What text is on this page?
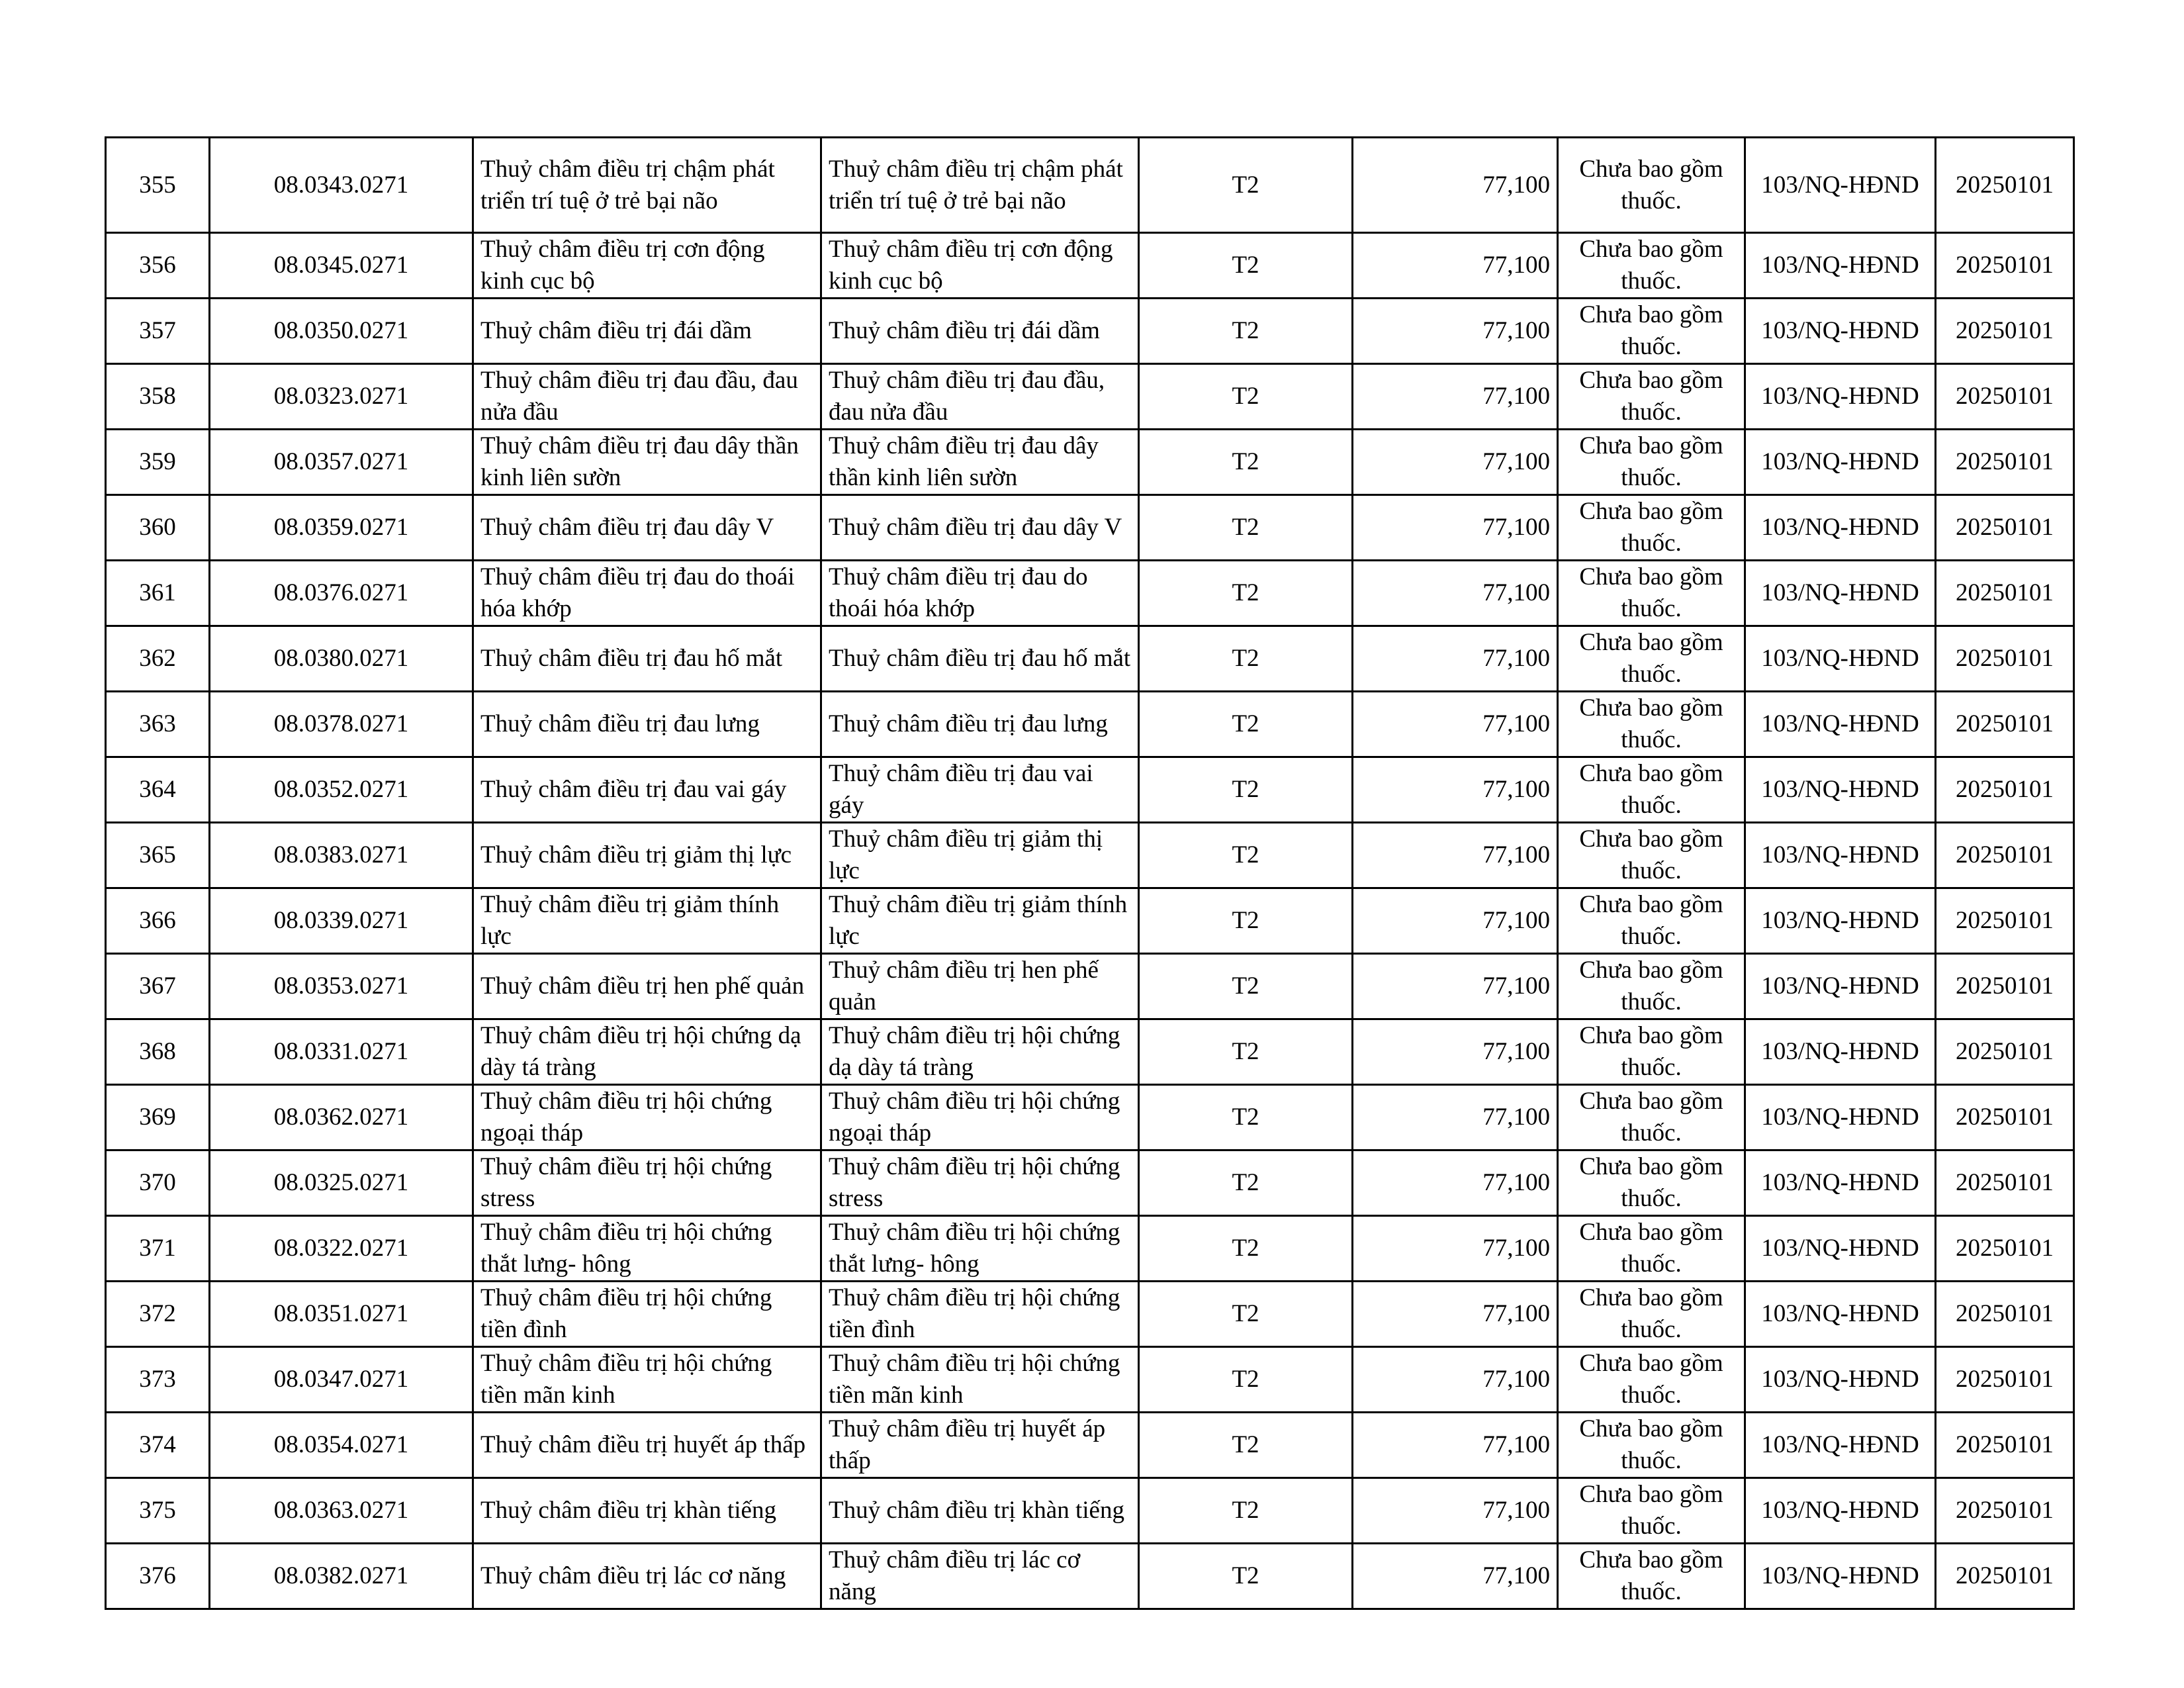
355	08.0343.0271	Thuỷ châm điều trị chậm phát triển trí tuệ ở trẻ bại não	Thuỷ châm điều trị chậm phát triển trí tuệ ở trẻ bại não	T2	77,100	Chưa bao gồm thuốc.	103/NQ-HĐND	20250101
356	08.0345.0271	Thuỷ châm điều trị cơn động kinh cục bộ	Thuỷ châm điều trị cơn động kinh cục bộ	T2	77,100	Chưa bao gồm thuốc.	103/NQ-HĐND	20250101
357	08.0350.0271	Thuỷ châm điều trị đái dầm	Thuỷ châm điều trị đái dầm	T2	77,100	Chưa bao gồm thuốc.	103/NQ-HĐND	20250101
358	08.0323.0271	Thuỷ châm điều trị đau đầu, đau nửa đầu	Thuỷ châm điều trị đau đầu, đau nửa đầu	T2	77,100	Chưa bao gồm thuốc.	103/NQ-HĐND	20250101
359	08.0357.0271	Thuỷ châm điều trị đau dây thần kinh liên sườn	Thuỷ châm điều trị đau dây thần kinh liên sườn	T2	77,100	Chưa bao gồm thuốc.	103/NQ-HĐND	20250101
360	08.0359.0271	Thuỷ châm điều trị đau dây V	Thuỷ châm điều trị đau dây V	T2	77,100	Chưa bao gồm thuốc.	103/NQ-HĐND	20250101
361	08.0376.0271	Thuỷ châm điều trị đau do thoái hóa khớp	Thuỷ châm điều trị đau do thoái hóa khớp	T2	77,100	Chưa bao gồm thuốc.	103/NQ-HĐND	20250101
362	08.0380.0271	Thuỷ châm điều trị đau hố mắt	Thuỷ châm điều trị đau hố mắt	T2	77,100	Chưa bao gồm thuốc.	103/NQ-HĐND	20250101
363	08.0378.0271	Thuỷ châm điều trị đau lưng	Thuỷ châm điều trị đau lưng	T2	77,100	Chưa bao gồm thuốc.	103/NQ-HĐND	20250101
364	08.0352.0271	Thuỷ châm điều trị đau vai gáy	Thuỷ châm điều trị đau vai gáy	T2	77,100	Chưa bao gồm thuốc.	103/NQ-HĐND	20250101
365	08.0383.0271	Thuỷ châm điều trị giảm thị lực	Thuỷ châm điều trị giảm thị lực	T2	77,100	Chưa bao gồm thuốc.	103/NQ-HĐND	20250101
366	08.0339.0271	Thuỷ châm điều trị giảm thính lực	Thuỷ châm điều trị giảm thính lực	T2	77,100	Chưa bao gồm thuốc.	103/NQ-HĐND	20250101
367	08.0353.0271	Thuỷ châm điều trị hen phế quản	Thuỷ châm điều trị hen phế quản	T2	77,100	Chưa bao gồm thuốc.	103/NQ-HĐND	20250101
368	08.0331.0271	Thuỷ châm điều trị hội chứng dạ dày tá tràng	Thuỷ châm điều trị hội chứng dạ dày tá tràng	T2	77,100	Chưa bao gồm thuốc.	103/NQ-HĐND	20250101
369	08.0362.0271	Thuỷ châm điều trị hội chứng ngoại tháp	Thuỷ châm điều trị hội chứng ngoại tháp	T2	77,100	Chưa bao gồm thuốc.	103/NQ-HĐND	20250101
370	08.0325.0271	Thuỷ châm điều trị hội chứng stress	Thuỷ châm điều trị hội chứng stress	T2	77,100	Chưa bao gồm thuốc.	103/NQ-HĐND	20250101
371	08.0322.0271	Thuỷ châm điều trị hội chứng thắt lưng- hông	Thuỷ châm điều trị hội chứng thắt lưng- hông	T2	77,100	Chưa bao gồm thuốc.	103/NQ-HĐND	20250101
372	08.0351.0271	Thuỷ châm điều trị hội chứng tiền đình	Thuỷ châm điều trị hội chứng tiền đình	T2	77,100	Chưa bao gồm thuốc.	103/NQ-HĐND	20250101
373	08.0347.0271	Thuỷ châm điều trị hội chứng tiền mãn kinh	Thuỷ châm điều trị hội chứng tiền mãn kinh	T2	77,100	Chưa bao gồm thuốc.	103/NQ-HĐND	20250101
374	08.0354.0271	Thuỷ châm điều trị huyết áp thấp	Thuỷ châm điều trị huyết áp thấp	T2	77,100	Chưa bao gồm thuốc.	103/NQ-HĐND	20250101
375	08.0363.0271	Thuỷ châm điều trị khàn tiếng	Thuỷ châm điều trị khàn tiếng	T2	77,100	Chưa bao gồm thuốc.	103/NQ-HĐND	20250101
376	08.0382.0271	Thuỷ châm điều trị lác cơ năng	Thuỷ châm điều trị lác cơ năng	T2	77,100	Chưa bao gồm thuốc.	103/NQ-HĐND	20250101
